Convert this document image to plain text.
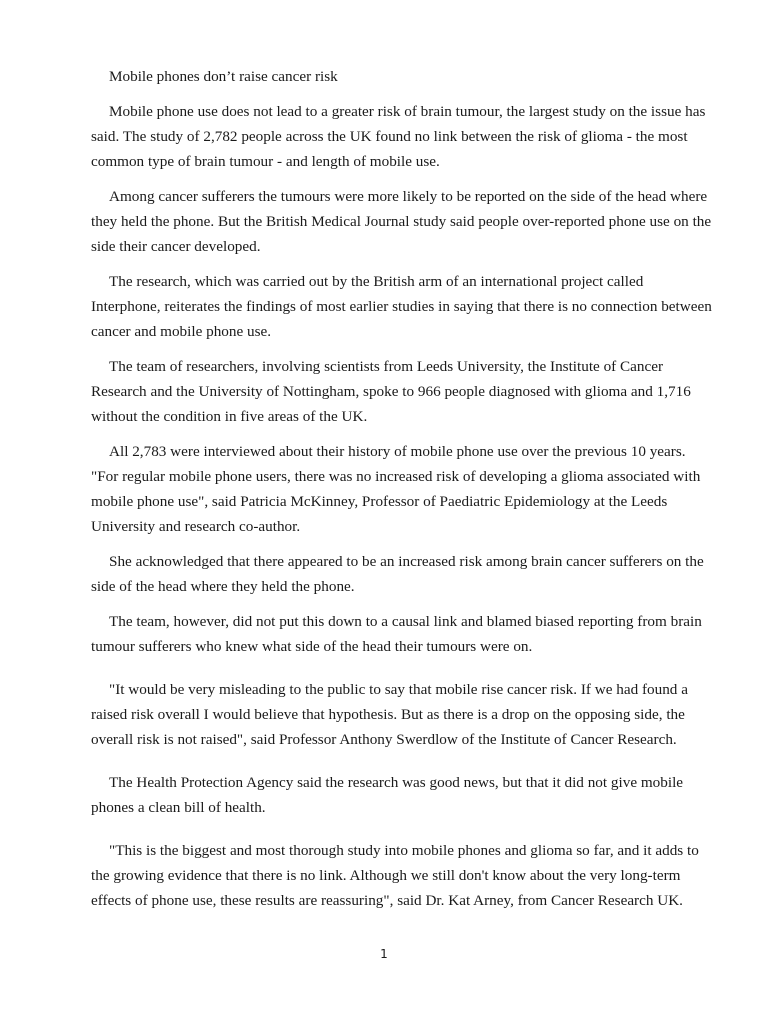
Mobile phones don’t raise cancer risk

Mobile phone use does not lead to a greater risk of brain tumour, the largest study on the issue has said. The study of 2,782 people across the UK found no link between the risk of glioma - the most common type of brain tumour - and length of mobile use.

Among cancer sufferers the tumours were more likely to be reported on the side of the head where they held the phone. But the British Medical Journal study said people over-reported phone use on the side their cancer developed.

The research, which was carried out by the British arm of an international project called Interphone, reiterates the findings of most earlier studies in saying that there is no connection between cancer and mobile phone use.

The team of researchers, involving scientists from Leeds University, the Institute of Cancer Research and the University of Nottingham, spoke to 966 people diagnosed with glioma and 1,716 without the condition in five areas of the UK.

All 2,783 were interviewed about their history of mobile phone use over the previous 10 years. "For regular mobile phone users, there was no increased risk of developing a glioma associated with mobile phone use", said Patricia McKinney, Professor of Paediatric Epidemiology at the Leeds University and research co-author.

She acknowledged that there appeared to be an increased risk among brain cancer sufferers on the side of the head where they held the phone.

The team, however, did not put this down to a causal link and blamed biased reporting from brain tumour sufferers who knew what side of the head their tumours were on.

"It would be very misleading to the public to say that mobile rise cancer risk. If we had found a raised risk overall I would believe that hypothesis. But as there is a drop on the opposing side, the overall risk is not raised", said Professor Anthony Swerdlow of the Institute of Cancer Research.

The Health Protection Agency said the research was good news, but that it did not give mobile phones a clean bill of health.

"This is the biggest and most thorough study into mobile phones and glioma so far, and it adds to the growing evidence that there is no link. Although we still don't know about the very long-term effects of phone use, these results are reassuring", said Dr. Kat Arney, from Cancer Research UK.

1
